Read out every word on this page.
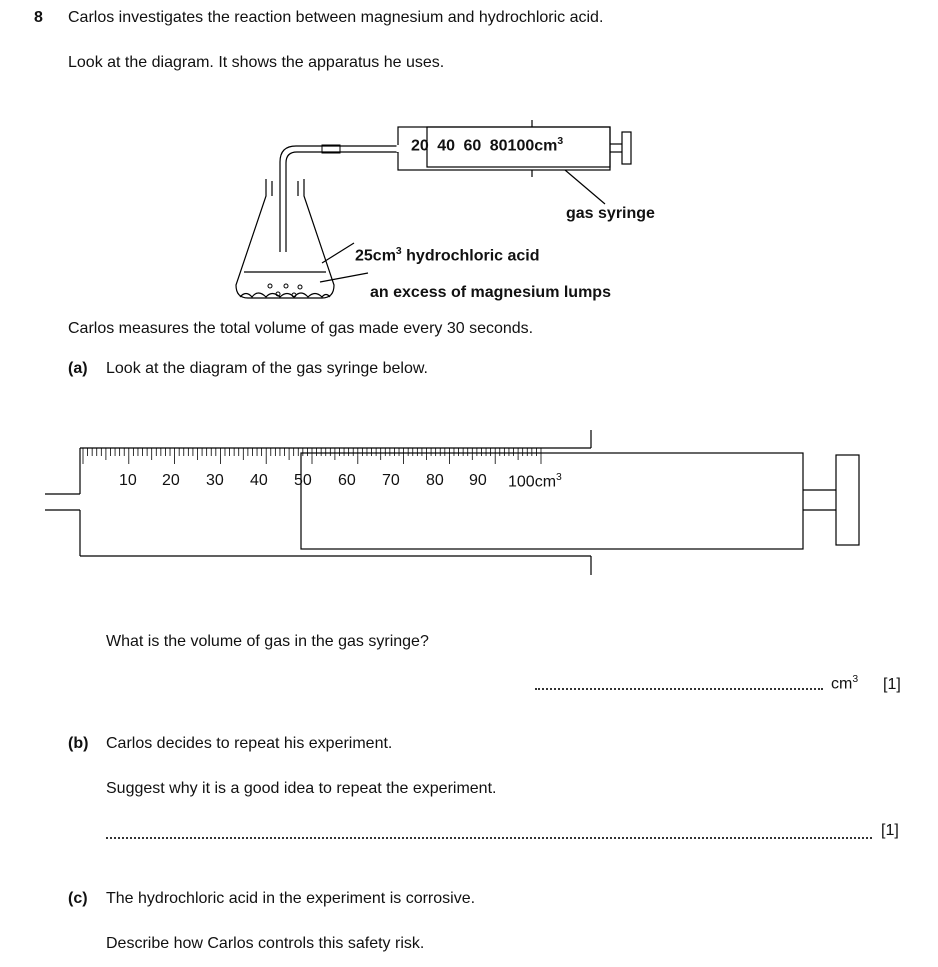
8 Carlos investigates the reaction between magnesium and hydrochloric acid.
Look at the diagram. It shows the apparatus he uses.
20 40 60 $80100cm^3$
gas syringe
$25cm^3$ hydrochloric acid
an excess of magnesium lumps
Carlos measures the total volume of gas made every 30 seconds.
(a) Look at the diagram of the gas syringe below.
10 20 30 40 50 60 70 80 90 $100cm^3$
What is the volume of gas in the gas syringe?
$cm^3$ [1]
(b) Carlos decides to repeat his experiment.
Suggest why it is a good idea to repeat the experiment.
[1]
(c) The hydrochloric acid in the experiment is corrosive.
Describe how Carlos controls this safety risk.
